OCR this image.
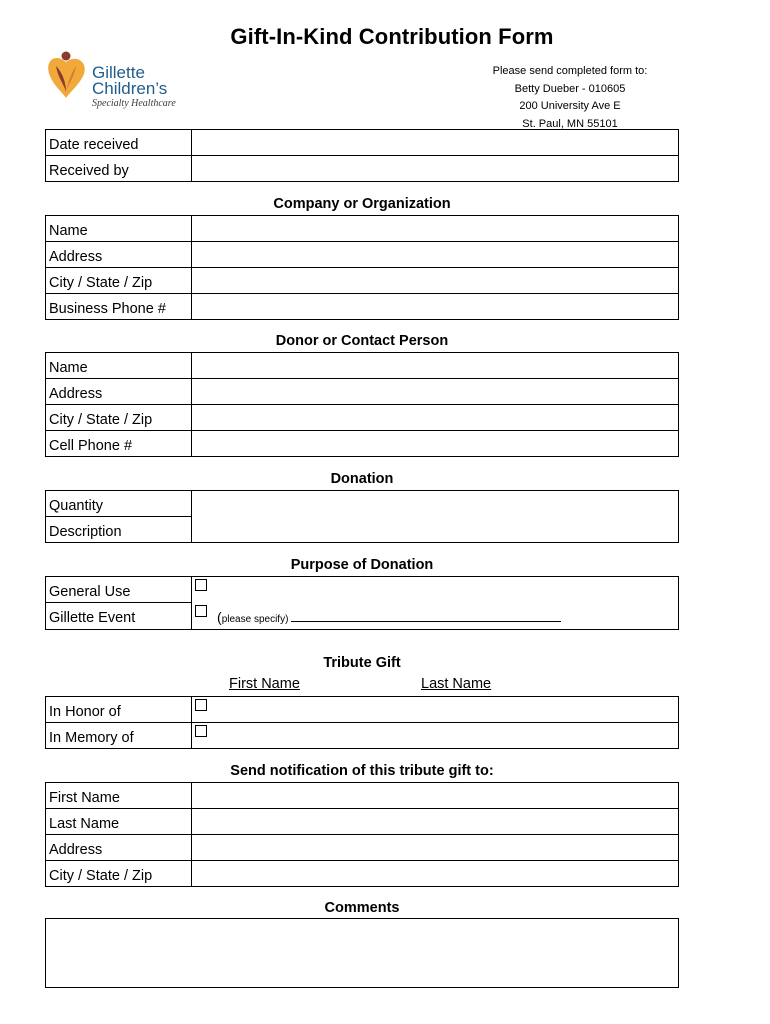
Gift-In-Kind Contribution Form
Gillette
Children’s
Specialty Healthcare
Please send completed form to:
Betty Dueber - 010605
200 University Ave E
St. Paul, MN 55101
Date received	
Received by	
Company or Organization
Name	
Address	
City / State / Zip	
Business Phone #	
Donor or Contact Person
Name	
Address	
City / State / Zip	
Cell Phone #	
Donation
Quantity	
Description
Purpose of Donation
General Use	
Gillette Event	(please specify)
Tribute Gift
First Name	Last Name
In Honor of	
In Memory of	
Send notification of this tribute gift to:
First Name	
Last Name	
Address	
City / State / Zip	
Comments
